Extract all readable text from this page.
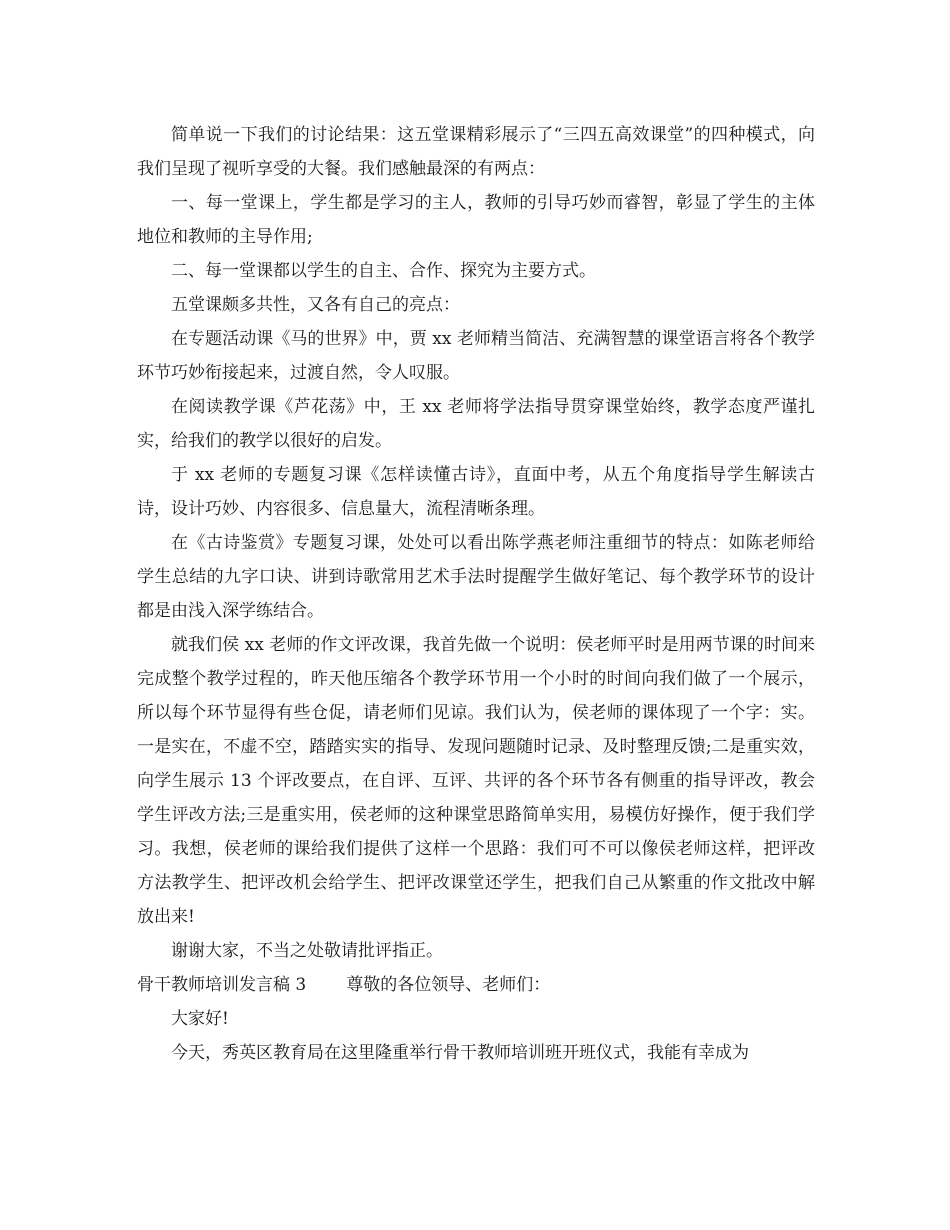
简单说一下我们的讨论结果：这五堂课精彩展示了“三四五高效课堂”的四种模式，向我们呈现了视听享受的大餐。我们感触最深的有两点：

一、每一堂课上，学生都是学习的主人，教师的引导巧妙而睿智，彰显了学生的主体地位和教师的主导作用;

二、每一堂课都以学生的自主、合作、探究为主要方式。

五堂课颇多共性，又各有自己的亮点：

在专题活动课《马的世界》中，贾 xx 老师精当简洁、充满智慧的课堂语言将各个教学环节巧妙衔接起来，过渡自然，令人叹服。

在阅读教学课《芦花荡》中，王 xx 老师将学法指导贯穿课堂始终，教学态度严谨扎实，给我们的教学以很好的启发。

于 xx 老师的专题复习课《怎样读懂古诗》，直面中考，从五个角度指导学生解读古诗，设计巧妙、内容很多、信息量大，流程清晰条理。

在《古诗鉴赏》专题复习课，处处可以看出陈学燕老师注重细节的特点：如陈老师给学生总结的九字口诀、讲到诗歌常用艺术手法时提醒学生做好笔记、每个教学环节的设计都是由浅入深学练结合。

就我们侯 xx 老师的作文评改课，我首先做一个说明：侯老师平时是用两节课的时间来完成整个教学过程的，昨天他压缩各个教学环节用一个小时的时间向我们做了一个展示，所以每个环节显得有些仓促，请老师们见谅。我们认为，侯老师的课体现了一个字：实。一是实在，不虚不空，踏踏实实的指导、发现问题随时记录、及时整理反馈;二是重实效，向学生展示 13 个评改要点，在自评、互评、共评的各个环节各有侧重的指导评改，教会学生评改方法;三是重实用，侯老师的这种课堂思路简单实用，易模仿好操作，便于我们学习。我想，侯老师的课给我们提供了这样一个思路：我们可不可以像侯老师这样，把评改方法教学生、把评改机会给学生、把评改课堂还学生，把我们自己从繁重的作文批改中解放出来!

谢谢大家，不当之处敬请批评指正。

骨干教师培训发言稿 3 尊敬的各位领导、老师们：

大家好!

今天，秀英区教育局在这里隆重举行骨干教师培训班开班仪式，我能有幸成为
